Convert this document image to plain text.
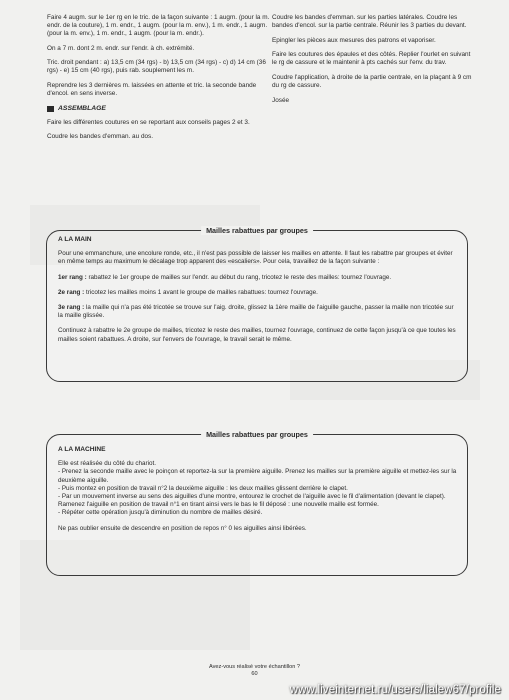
Faire 4 augm. sur le 1er rg en le tric. de la façon suivante : 1 augm. (pour la m. endr. de la couture), 1 m. endr., 1 augm. (pour la m. env.), 1 m. endr., 1 augm. (pour la m. env.), 1 m. endr., 1 augm. (pour la m. endr.).

On a 7 m. dont 2 m. endr. sur l'endr. à ch. extrémité.

Tric. droit pendant : a) 13,5 cm (34 rgs) - b) 13,5 cm (34 rgs) - c) d) 14 cm (36 rgs) - e) 15 cm (40 rgs), puis rab. souplement les m.

Reprendre les 3 dernières m. laissées en attente et tric. la seconde bande d'encol. en sens inverse.

ASSEMBLAGE

Faire les différentes coutures en se reportant aux conseils pages 2 et 3.

Coudre les bandes d'emman. au dos.

Coudre les bandes d'emman. sur les parties latérales. Coudre les bandes d'encol. sur la partie centrale. Réunir les 3 parties du devant.

Epingler les pièces aux mesures des patrons et vaporiser.

Faire les coutures des épaules et des côtés. Replier l'ourlet en suivant le rg de cassure et le maintenir à pts cachés sur l'env. du trav.

Coudre l'application, à droite de la partie centrale, en la plaçant à 9 cm du rg de cassure.

Josée

Mailles rabattues par groupes
A LA MAIN

Pour une emmanchure, une encolure ronde, etc., il n'est pas possible de laisser les mailles en attente. Il faut les rabattre par groupes et éviter en même temps au maximum le décalage trop apparent des «escaliers». Pour cela, travaillez de la façon suivante :

1er rang : rabattez le 1er groupe de mailles sur l'endr. au début du rang, tricotez le reste des mailles: tournez l'ouvrage.

2e rang : tricotez les mailles moins 1 avant le groupe de mailles rabattues: tournez l'ouvrage.

3e rang : la maille qui n'a pas été tricotée se trouve sur l'aig. droite, glissez la 1ère maille de l'aiguille gauche, passer la maille non tricotée sur la maille glissée.

Continuez à rabattre le 2e groupe de mailles, tricotez le reste des mailles, tournez l'ouvrage, continuez de cette façon jusqu'à ce que toutes les mailles soient rabattues. A droite, sur l'envers de l'ouvrage, le travail serait le même.

Mailles rabattues par groupes
A LA MACHINE
Elle est réalisée du côté du chariot.
- Prenez la seconde maille avec le poinçon et reportez-la sur la première aiguille. Prenez les mailles sur la première aiguille et mettez-les sur la deuxième aiguille.
- Puis montez en position de travail n°2 la deuxième aiguille : les deux mailles glissent derrière le clapet.
- Par un mouvement inverse au sens des aiguilles d'une montre, entourez le crochet de l'aiguille avec le fil d'alimentation (devant le clapet). Ramenez l'aiguille en position de travail n°1 en tirant ainsi vers le bas le fil déposé : une nouvelle maille est formée.
- Répéter cette opération jusqu'à diminution du nombre de mailles désiré.
Ne pas oublier ensuite de descendre en position de repos n° 0 les aiguilles ainsi libérées.
Avez-vous réalisé votre échantillon ?
60
www.liveinternet.ru/users/lialew67/profile
